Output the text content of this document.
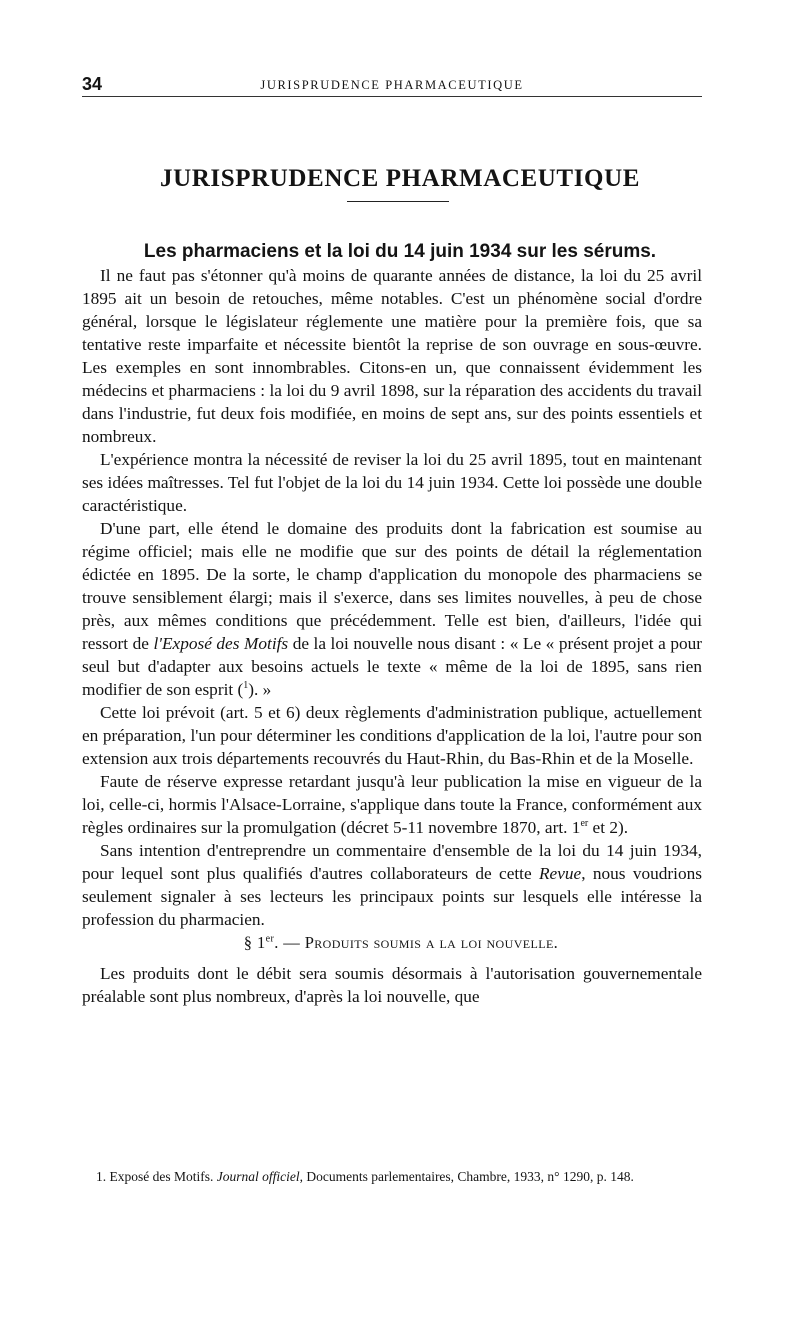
34	JURISPRUDENCE PHARMACEUTIQUE
JURISPRUDENCE PHARMACEUTIQUE
Les pharmaciens et la loi du 14 juin 1934 sur les sérums.

Il ne faut pas s'étonner qu'à moins de quarante années de distance, la loi du 25 avril 1895 ait un besoin de retouches, même notables. C'est un phénomène social d'ordre général, lorsque le législateur réglemente une matière pour la première fois, que sa tentative reste imparfaite et nécessite bientôt la reprise de son ouvrage en sous-œuvre. Les exemples en sont innombrables. Citons-en un, que connaissent évidemment les médecins et pharmaciens : la loi du 9 avril 1898, sur la réparation des accidents du travail dans l'industrie, fut deux fois modifiée, en moins de sept ans, sur des points essentiels et nombreux.

L'expérience montra la nécessité de reviser la loi du 25 avril 1895, tout en maintenant ses idées maîtresses. Tel fut l'objet de la loi du 14 juin 1934. Cette loi possède une double caractéristique.

D'une part, elle étend le domaine des produits dont la fabrication est soumise au régime officiel; mais elle ne modifie que sur des points de détail la réglementation édictée en 1895. De la sorte, le champ d'application du monopole des pharmaciens se trouve sensiblement élargi; mais il s'exerce, dans ses limites nouvelles, à peu de chose près, aux mêmes conditions que précédemment. Telle est bien, d'ailleurs, l'idée qui ressort de l'Exposé des Motifs de la loi nouvelle nous disant : « Le « présent projet a pour seul but d'adapter aux besoins actuels le texte « même de la loi de 1895, sans rien modifier de son esprit ($^1$). »

Cette loi prévoit (art. 5 et 6) deux règlements d'administration publique, actuellement en préparation, l'un pour déterminer les conditions d'application de la loi, l'autre pour son extension aux trois départements recouvrés du Haut-Rhin, du Bas-Rhin et de la Moselle.

Faute de réserve expresse retardant jusqu'à leur publication la mise en vigueur de la loi, celle-ci, hormis l'Alsace-Lorraine, s'applique dans toute la France, conformément aux règles ordinaires sur la promulgation (décret 5-11 novembre 1870, art. 1er et 2).

Sans intention d'entreprendre un commentaire d'ensemble de la loi du 14 juin 1934, pour lequel sont plus qualifiés d'autres collaborateurs de cette Revue, nous voudrions seulement signaler à ses lecteurs les principaux points sur lesquels elle intéresse la profession du pharmacien.

§ 1er. — Produits soumis a la loi nouvelle.

Les produits dont le débit sera soumis désormais à l'autorisation gouvernementale préalable sont plus nombreux, d'après la loi nouvelle, que

1. Exposé des Motifs. Journal officiel, Documents parlementaires, Chambre, 1933, n° 1290, p. 148.
